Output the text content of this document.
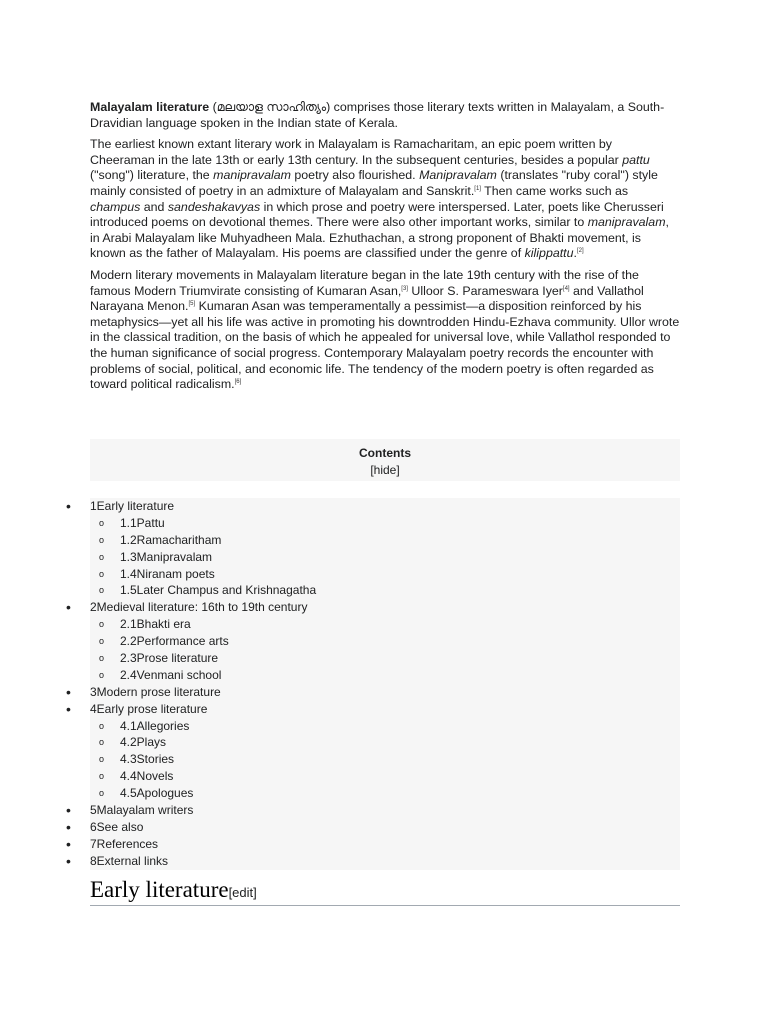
Malayalam literature (മലയാള സാഹിത്യം) comprises those literary texts written in Malayalam, a South-Dravidian language spoken in the Indian state of Kerala.

The earliest known extant literary work in Malayalam is Ramacharitam, an epic poem written by Cheeraman in the late 13th or early 13th century. In the subsequent centuries, besides a popular pattu ("song") literature, the manipravalam poetry also flourished. Manipravalam (translates "ruby coral") style mainly consisted of poetry in an admixture of Malayalam and Sanskrit.[1] Then came works such as champus and sandeshakavyas in which prose and poetry were interspersed. Later, poets like Cherusseri introduced poems on devotional themes. There were also other important works, similar to manipravalam, in Arabi Malayalam like Muhyadheen Mala. Ezhuthachan, a strong proponent of Bhakti movement, is known as the father of Malayalam. His poems are classified under the genre of kilippattu.[2]

Modern literary movements in Malayalam literature began in the late 19th century with the rise of the famous Modern Triumvirate consisting of Kumaran Asan,[3] Ulloor S. Parameswara Iyer[4] and Vallathol Narayana Menon.[5] Kumaran Asan was temperamentally a pessimist—a disposition reinforced by his metaphysics—yet all his life was active in promoting his downtrodden Hindu-Ezhava community. Ullor wrote in the classical tradition, on the basis of which he appealed for universal love, while Vallathol responded to the human significance of social progress. Contemporary Malayalam poetry records the encounter with problems of social, political, and economic life. The tendency of the modern poetry is often regarded as toward political radicalism.[6]

Contents
[hide]
• 1Early literature
o 1.1Pattu
o 1.2Ramacharitham
o 1.3Manipravalam
o 1.4Niranam poets
o 1.5Later Champus and Krishnagatha
• 2Medieval literature: 16th to 19th century
o 2.1Bhakti era
o 2.2Performance arts
o 2.3Prose literature
o 2.4Venmani school
• 3Modern prose literature
• 4Early prose literature
o 4.1Allegories
o 4.2Plays
o 4.3Stories
o 4.4Novels
o 4.5Apologues
• 5Malayalam writers
• 6See also
• 7References
• 8External links
Early literature[edit]
